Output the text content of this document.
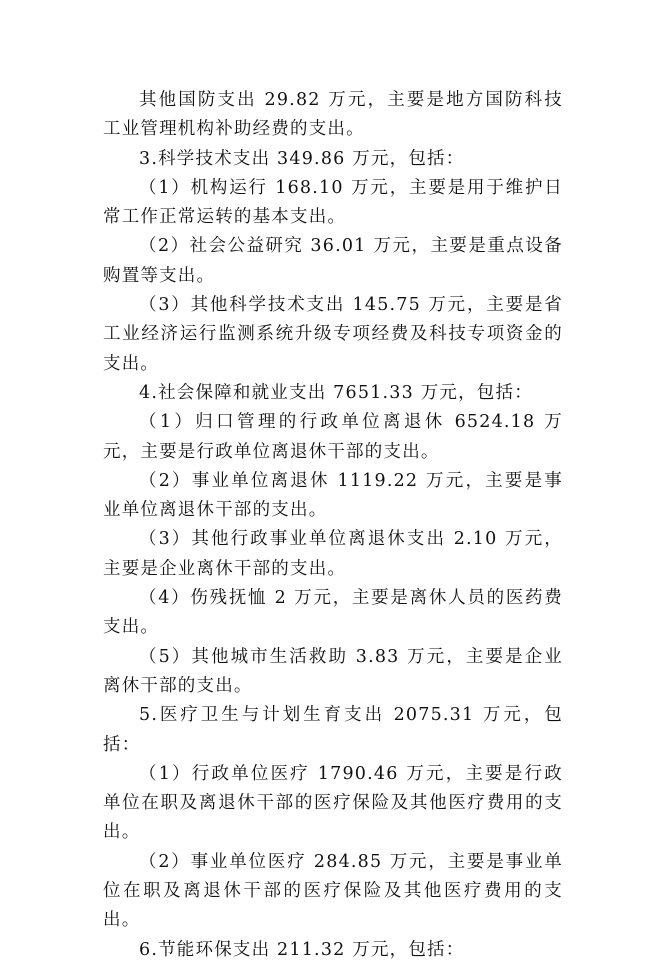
其他国防支出 29.82 万元，主要是地方国防科技工业管理机构补助经费的支出。

3.科学技术支出 349.86 万元，包括：

（1）机构运行 168.10 万元，主要是用于维护日常工作正常运转的基本支出。

（2）社会公益研究 36.01 万元，主要是重点设备购置等支出。

（3）其他科学技术支出 145.75 万元，主要是省工业经济运行监测系统升级专项经费及科技专项资金的支出。

4.社会保障和就业支出 7651.33 万元，包括：

（1）归口管理的行政单位离退休 6524.18 万元，主要是行政单位离退休干部的支出。

（2）事业单位离退休 1119.22 万元，主要是事业单位离退休干部的支出。

（3）其他行政事业单位离退休支出 2.10 万元，主要是企业离休干部的支出。

（4）伤残抚恤 2 万元，主要是离休人员的医药费支出。

（5）其他城市生活救助 3.83 万元，主要是企业离休干部的支出。

5.医疗卫生与计划生育支出 2075.31 万元，包括：

（1）行政单位医疗 1790.46 万元，主要是行政单位在职及离退休干部的医疗保险及其他医疗费用的支出。

（2）事业单位医疗 284.85 万元，主要是事业单位在职及离退休干部的医疗保险及其他医疗费用的支出。

6.节能环保支出 211.32 万元，包括：
